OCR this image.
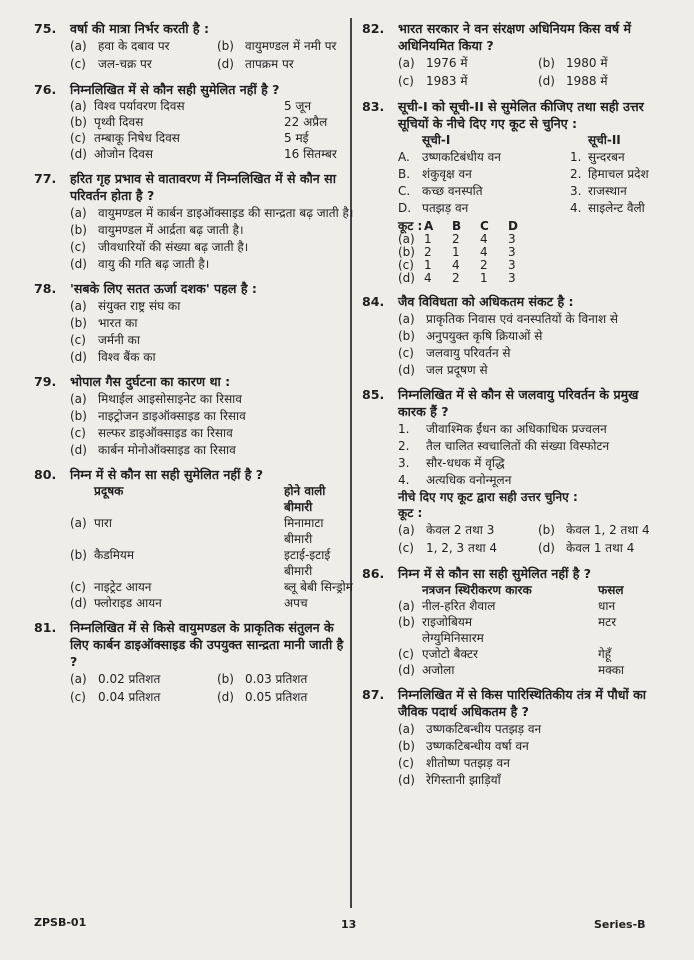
75.	वर्षा की मात्रा निर्भर करती है :
(a) हवा के दबाव पर	(b) वायुमण्डल में नमी पर
(c)	जल-चक्र पर	(d) तापक्रम पर
76.	निम्नलिखित में से कौन सही सुमेलित नहीं है ?
(a) विश्व पर्यावरण दिवस	5 जून
(b) पृथ्वी दिवस	22 अप्रैल
(c) तम्बाकू निषेध दिवस	5 मई
(d) ओजोन दिवस	16 सितम्बर
77.	हरित गृह प्रभाव से वातावरण में निम्नलिखित में से कौन सा परिवर्तन होता है ?
(a) वायुमण्डल में कार्बन डाइऑक्साइड की सान्द्रता बढ़ जाती है।
(b) वायुमण्डल में आर्द्रता बढ़ जाती है।
(c)	जीवधारियों की संख्या बढ़ जाती है।
(d) वायु की गति बढ़ जाती है।
78.	'सबके लिए सतत ऊर्जा दशक' पहल है :
(a) संयुक्त राष्ट्र संघ का
(b) भारत का
(c)	जर्मनी का
(d) विश्व बैंक का
79.	भोपाल गैस दुर्घटना का कारण था :
(a) मिथाईल आइसोसाइनेट का रिसाव
(b) नाइट्रोजन डाइऑक्साइड का रिसाव
(c)	सल्फर डाइऑक्साइड का रिसाव
(d) कार्बन मोनोऑक्साइड का रिसाव
80.	निम्न में से कौन सा सही सुमेलित नहीं है ?
प्रदूषक	होने वाली बीमारी
(a) पारा	मिनामाटा बीमारी
(b) कैडमियम	इटाई-इटाई बीमारी
(c) नाइट्रेट आयन	ब्लू बेबी सिन्ड्रोम
(d) फ्लोराइड आयन	अपच
81.	निम्नलिखित में से किसे वायुमण्डल के प्राकृतिक संतुलन के लिए कार्बन डाइऑक्साइड की उपयुक्त सान्द्रता मानी जाती है ?
(a) 0.02 प्रतिशत	(b) 0.03 प्रतिशत
(c)	0.04 प्रतिशत	(d) 0.05 प्रतिशत
82.	भारत सरकार ने वन संरक्षण अधिनियम किस वर्ष में अधिनियमित किया ?
(a) 1976 में	(b) 1980 में
(c)	1983 में	(d) 1988 में
83.	सूची-I को सूची-II से सुमेलित कीजिए तथा सही उत्तर सूचियों के नीचे दिए गए कूट से चुनिए :
सूची-I	सूची-II
A.	उष्णकटिबंधीय वन	1. सुन्दरबन
B. शंकुवृक्ष वन	2. हिमाचल प्रदेश
C. कच्छ वनस्पति	3. राजस्थान
D. पतझड़ वन	4. साइलेन्ट वैली
कूट : A	B	C	D
(a) 1	2	4	3
(b) 2	1	4	3
(c) 1	4	2	3
(d) 4	2	1	3
84.	जैव विविधता को अधिकतम संकट है :
(a) प्राकृतिक निवास एवं वनस्पतियों के विनाश से
(b) अनुपयुक्त कृषि क्रियाओं से
(c)	जलवायु परिवर्तन से
(d) जल प्रदूषण से
85.	निम्नलिखित में से कौन से जलवायु परिवर्तन के प्रमुख कारक हैं ?
1.	जीवाश्मिक ईंधन का अधिकाधिक प्रज्वलन
2.	तैल चालित स्वचालितों की संख्या विस्फोटन
3.	सौर-धधक में वृद्धि
4.	अत्यधिक वनोन्मूलन
नीचे दिए गए कूट द्वारा सही उत्तर चुनिए :
कूट :
(a) केवल 2 तथा 3	(b) केवल 1, 2 तथा 4
(c)	1, 2, 3 तथा 4	(d) केवल 1 तथा 4
86.	निम्न में से कौन सा सही सुमेलित नहीं है ?
नत्रजन स्थिरीकरण कारक	फसल
(a) नील-हरित शैवाल	धान
(b) राइजोबियम	मटर
लेग्युमिनिसारम
(c) एजोटो बैक्टर	गेहूँ
(d) अजोला	मक्का
87.	निम्नलिखित में से किस पारिस्थितिकीय तंत्र में पौधों का जैविक पदार्थ अधिकतम है ?
(a) उष्णकटिबन्धीय पतझड़ वन
(b) उष्णकटिबन्धीय वर्षा वन
(c)	शीतोष्ण पतझड़ वन
(d) रेगिस्तानी झाड़ियाँ
ZPSB-01	13	Series-B
